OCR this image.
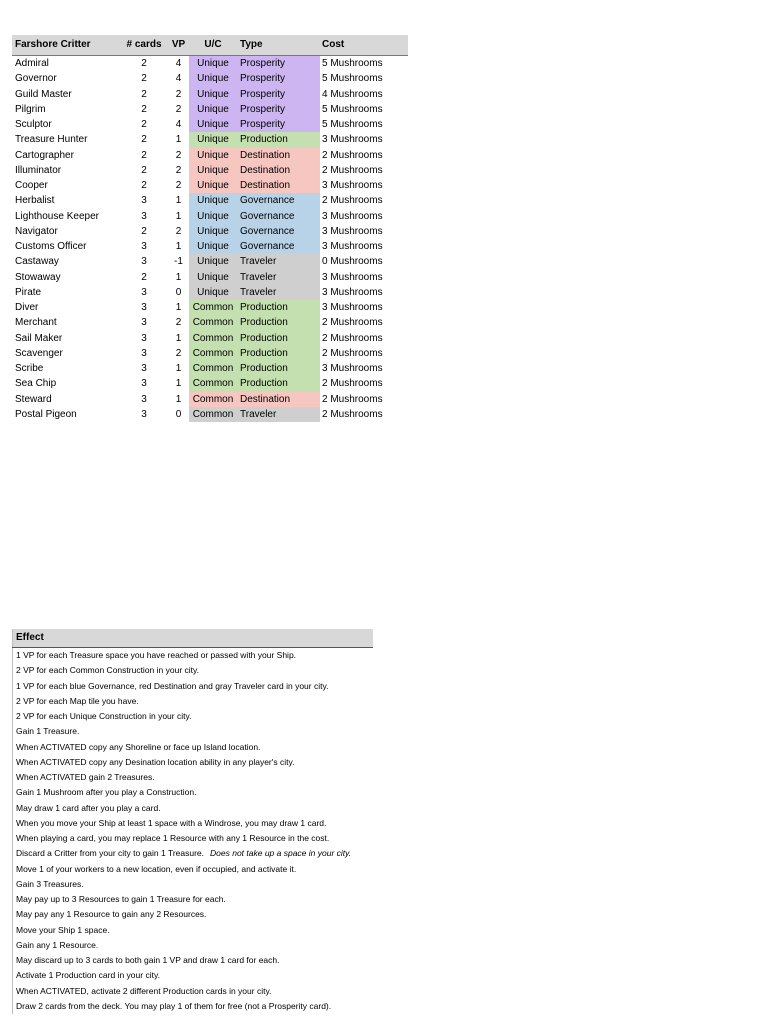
Farshore Critter	# cards	VP	U/C	Type	Cost
Admiral	2	4	Unique	Prosperity	5 Mushrooms
Governor	2	4	Unique	Prosperity	5 Mushrooms
Guild Master	2	2	Unique	Prosperity	4 Mushrooms
Pilgrim	2	2	Unique	Prosperity	5 Mushrooms
Sculptor	2	4	Unique	Prosperity	5 Mushrooms
Treasure Hunter	2	1	Unique	Production	3 Mushrooms
Cartographer	2	2	Unique	Destination	2 Mushrooms
Illuminator	2	2	Unique	Destination	2 Mushrooms
Cooper	2	2	Unique	Destination	3 Mushrooms
Herbalist	3	1	Unique	Governance	2 Mushrooms
Lighthouse Keeper	3	1	Unique	Governance	3 Mushrooms
Navigator	2	2	Unique	Governance	3 Mushrooms
Customs Officer	3	1	Unique	Governance	3 Mushrooms
Castaway	3	-1	Unique	Traveler	0 Mushrooms
Stowaway	2	1	Unique	Traveler	3 Mushrooms
Pirate	3	0	Unique	Traveler	3 Mushrooms
Diver	3	1	Common	Production	3 Mushrooms
Merchant	3	2	Common	Production	2 Mushrooms
Sail Maker	3	1	Common	Production	2 Mushrooms
Scavenger	3	2	Common	Production	2 Mushrooms
Scribe	3	1	Common	Production	3 Mushrooms
Sea Chip	3	1	Common	Production	2 Mushrooms
Steward	3	1	Common	Destination	2 Mushrooms
Postal Pigeon	3	0	Common	Traveler	2 Mushrooms
Effect
1 VP for each Treasure space you have reached or passed with your Ship.
2 VP for each Common Construction in your city.
1 VP for each blue Governance, red Destination and gray Traveler card in your city.
2 VP for each Map tile you have.
2 VP for each Unique Construction in your city.
Gain 1 Treasure.
When ACTIVATED copy any Shoreline or face up Island location.
When ACTIVATED copy any Desination location ability in any player's city.
When ACTIVATED gain 2 Treasures.
Gain 1 Mushroom after you play a Construction.
May draw 1 card after you play a card.
When you move your Ship at least 1 space with a Windrose, you may draw 1 card.
When playing a card, you may replace 1 Resource with any 1 Resource in the cost.
Discard a Critter from your city to gain 1 Treasure. Does not take up a space in your city.
Move 1 of your workers to a new location, even if occupied, and activate it.
Gain 3 Treasures.
May pay up to 3 Resources to gain 1 Treasure for each.
May pay any 1 Resource to gain any 2 Resources.
Move your Ship 1 space.
Gain any 1 Resource.
May discard up to 3 cards to both gain 1 VP and draw 1 card for each.
Activate 1 Production card in your city.
When ACTIVATED, activate 2 different Production cards in your city.
Draw 2 cards from the deck. You may play 1 of them for free (not a Prosperity card).
